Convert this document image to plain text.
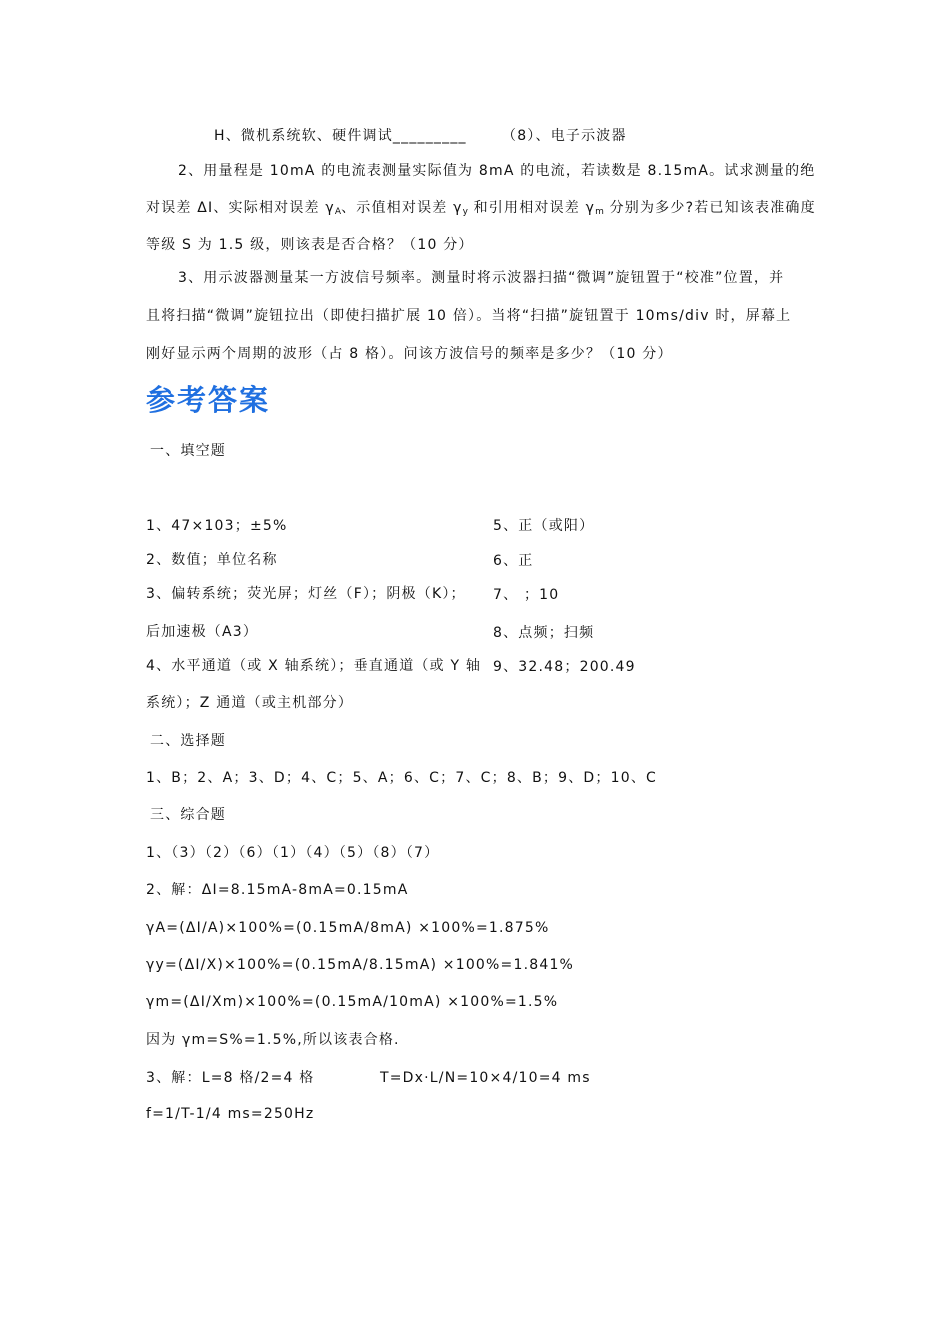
H、微机系统软、硬件调试_________	（8）、电子示波器
2、用量程是 10mA 的电流表测量实际值为 8mA 的电流，若读数是 8.15mA。试求测量的绝
对误差 ΔI、实际相对误差 $\gamma_A$、示值相对误差 $\gamma_y$ 和引用相对误差 $\gamma_m$ 分别为多少?若已知该表准确度
等级 S 为 1.5 级，则该表是否合格？（10 分）
3、用示波器测量某一方波信号频率。测量时将示波器扫描“微调”旋钮置于“校准”位置，并
且将扫描“微调”旋钮拉出（即使扫描扩展 10 倍）。当将“扫描”旋钮置于 10ms/div 时，屏幕上
刚好显示两个周期的波形（占 8 格）。问该方波信号的频率是多少？（10 分）
参考答案
一、填空题
1、47×103；±5%	5、正（或阳）
2、数值；单位名称	6、正
3、偏转系统；荧光屏；灯丝（F）；阴极（K）； 7、 ；10
后加速极（A3）	8、点频；扫频
4、水平通道（或 X 轴系统）；垂直通道（或 Y 轴 9、32.48；200.49
系统）；Z 通道（或主机部分）
二、选择题
1、B；2、A；3、D；4、C；5、A；6、C；7、C；8、B；9、D；10、C
三、综合题
1、（3）（2）（6）（1）（4）（5）（8）（7）
2、解：ΔI=8.15mA-8mA=0.15mA
γA=(ΔI/A)×100%=(0.15mA/8mA) ×100%=1.875%
γy=(ΔI/X)×100%=(0.15mA/8.15mA) ×100%=1.841%
γm=(ΔI/Xm)×100%=(0.15mA/10mA) ×100%=1.5%
因为 γm=S%=1.5%,所以该表合格.
3、解：L=8 格/2=4 格	T=Dx·L/N=10×4/10=4 ms
f=1/T-1/4 ms=250Hz
